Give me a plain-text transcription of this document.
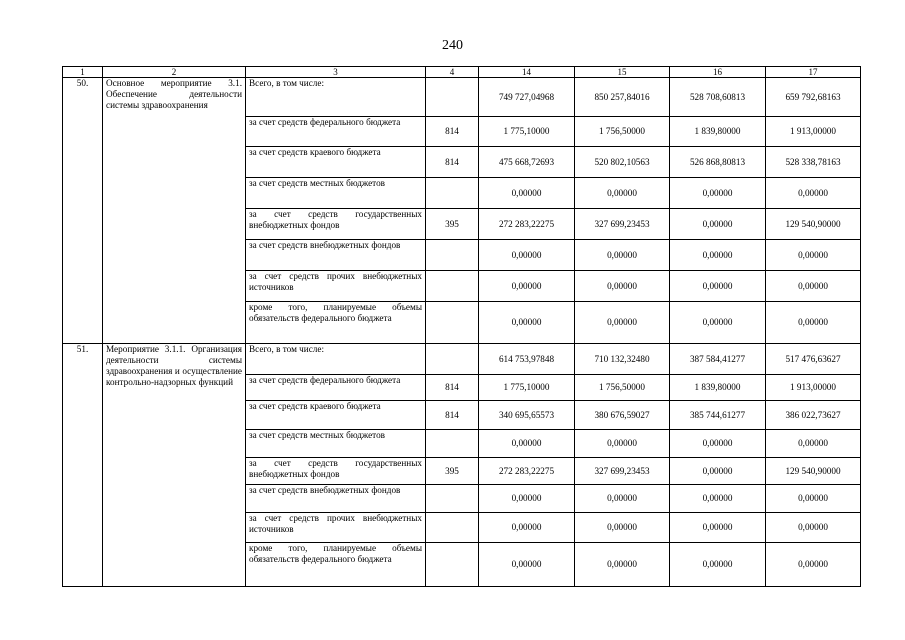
240
1	2	3	4	14	15	16	17
50.	Основное мероприятие 3.1. Обеспечение деятельности системы здравоохранения	Всего, в том числе:		749 727,04968	850 257,84016	528 708,60813	659 792,68163
		за счет средств федерального бюджета	814	1 775,10000	1 756,50000	1 839,80000	1 913,00000
		за счет средств краевого бюджета	814	475 668,72693	520 802,10563	526 868,80813	528 338,78163
		за счет средств местных бюджетов		0,00000	0,00000	0,00000	0,00000
		за счет средств государственных внебюджетных фондов	395	272 283,22275	327 699,23453	0,00000	129 540,90000
		за счет средств внебюджетных фондов		0,00000	0,00000	0,00000	0,00000
		за счет средств прочих внебюджетных источников		0,00000	0,00000	0,00000	0,00000
		кроме того, планируемые объемы обязательств федерального бюджета		0,00000	0,00000	0,00000	0,00000
51.	Мероприятие 3.1.1. Организация деятельности системы здравоохранения и осуществление контрольно-надзорных функций	Всего, в том числе:		614 753,97848	710 132,32480	387 584,41277	517 476,63627
		за счет средств федерального бюджета	814	1 775,10000	1 756,50000	1 839,80000	1 913,00000
		за счет средств краевого бюджета	814	340 695,65573	380 676,59027	385 744,61277	386 022,73627
		за счет средств местных бюджетов		0,00000	0,00000	0,00000	0,00000
		за счет средств государственных внебюджетных фондов	395	272 283,22275	327 699,23453	0,00000	129 540,90000
		за счет средств внебюджетных фондов		0,00000	0,00000	0,00000	0,00000
		за счет средств прочих внебюджетных источников		0,00000	0,00000	0,00000	0,00000
		кроме того, планируемые объемы обязательств федерального бюджета		0,00000	0,00000	0,00000	0,00000
